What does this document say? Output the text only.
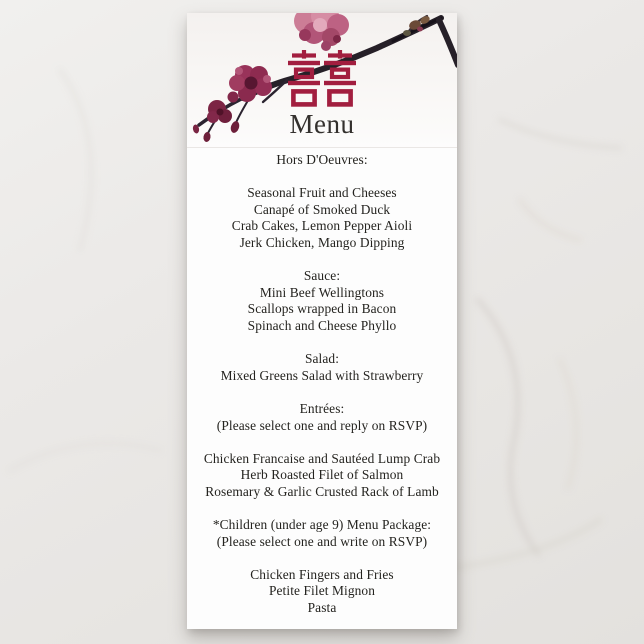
Menu
Hors D'Oeuvres:
Seasonal Fruit and Cheeses
Canapé of Smoked Duck
Crab Cakes, Lemon Pepper Aioli
Jerk Chicken, Mango Dipping
Sauce:
Mini Beef Wellingtons
Scallops wrapped in Bacon
Spinach and Cheese Phyllo
Salad:
Mixed Greens Salad with Strawberry
Entrées:
(Please select one and reply on RSVP)
Chicken Francaise and Sautéed Lump Crab
Herb Roasted Filet of Salmon
Rosemary & Garlic Crusted Rack of Lamb
*Children (under age 9) Menu Package:
(Please select one and write on RSVP)
Chicken Fingers and Fries
Petite Filet Mignon
Pasta
